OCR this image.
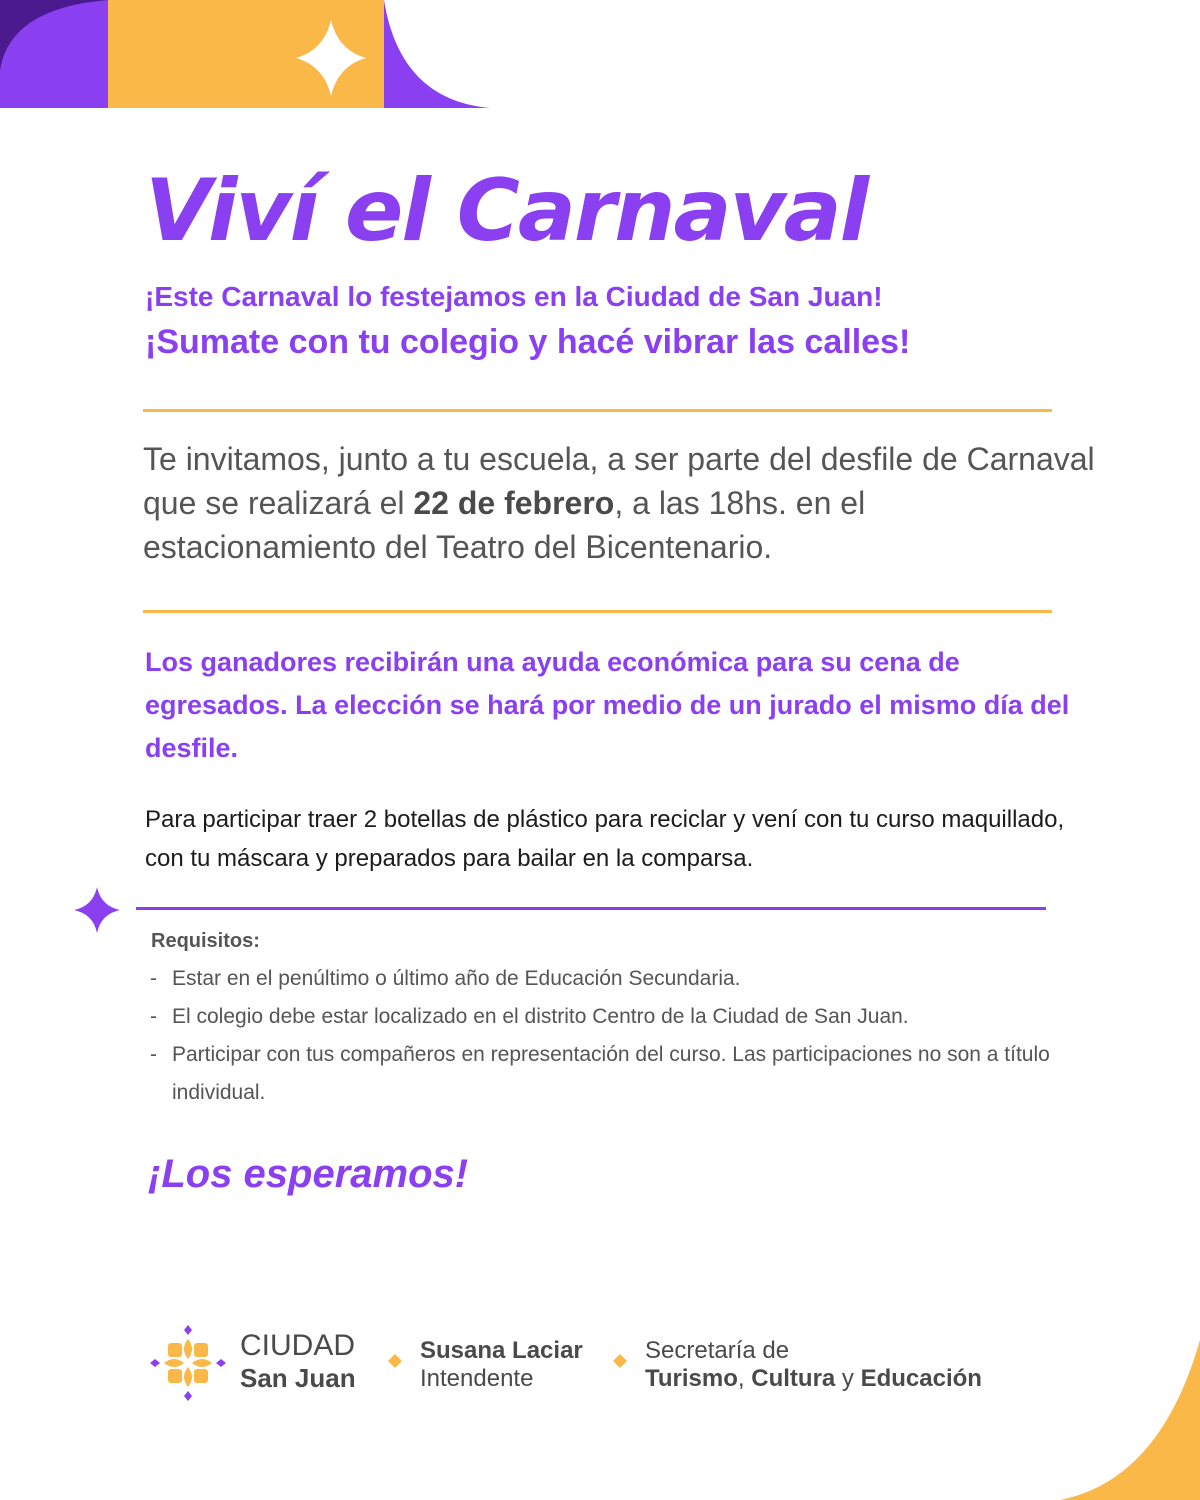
Viví el Carnaval

¡Este Carnaval lo festejamos en la Ciudad de San Juan!

¡Sumate con tu colegio y hacé vibrar las calles!

Te invitamos, junto a tu escuela, a ser parte del desfile de Carnaval que se realizará el 22 de febrero, a las 18hs. en el estacionamiento del Teatro del Bicentenario.

Los ganadores recibirán una ayuda económica para su cena de egresados. La elección se hará por medio de un jurado el mismo día del desfile.

Para participar traer 2 botellas de plástico para reciclar y vení con tu curso maquillado, con tu máscara y preparados para bailar en la comparsa.

Requisitos:

- Estar en el penúltimo o último año de Educación Secundaria.
- El colegio debe estar localizado en el distrito Centro de la Ciudad de San Juan.
- Participar con tus compañeros en representación del curso. Las participaciones no son a título individual.

¡Los esperamos!

CIUDAD
San Juan
Susana Laciar
Intendente
Secretaría de
Turismo, Cultura y Educación
